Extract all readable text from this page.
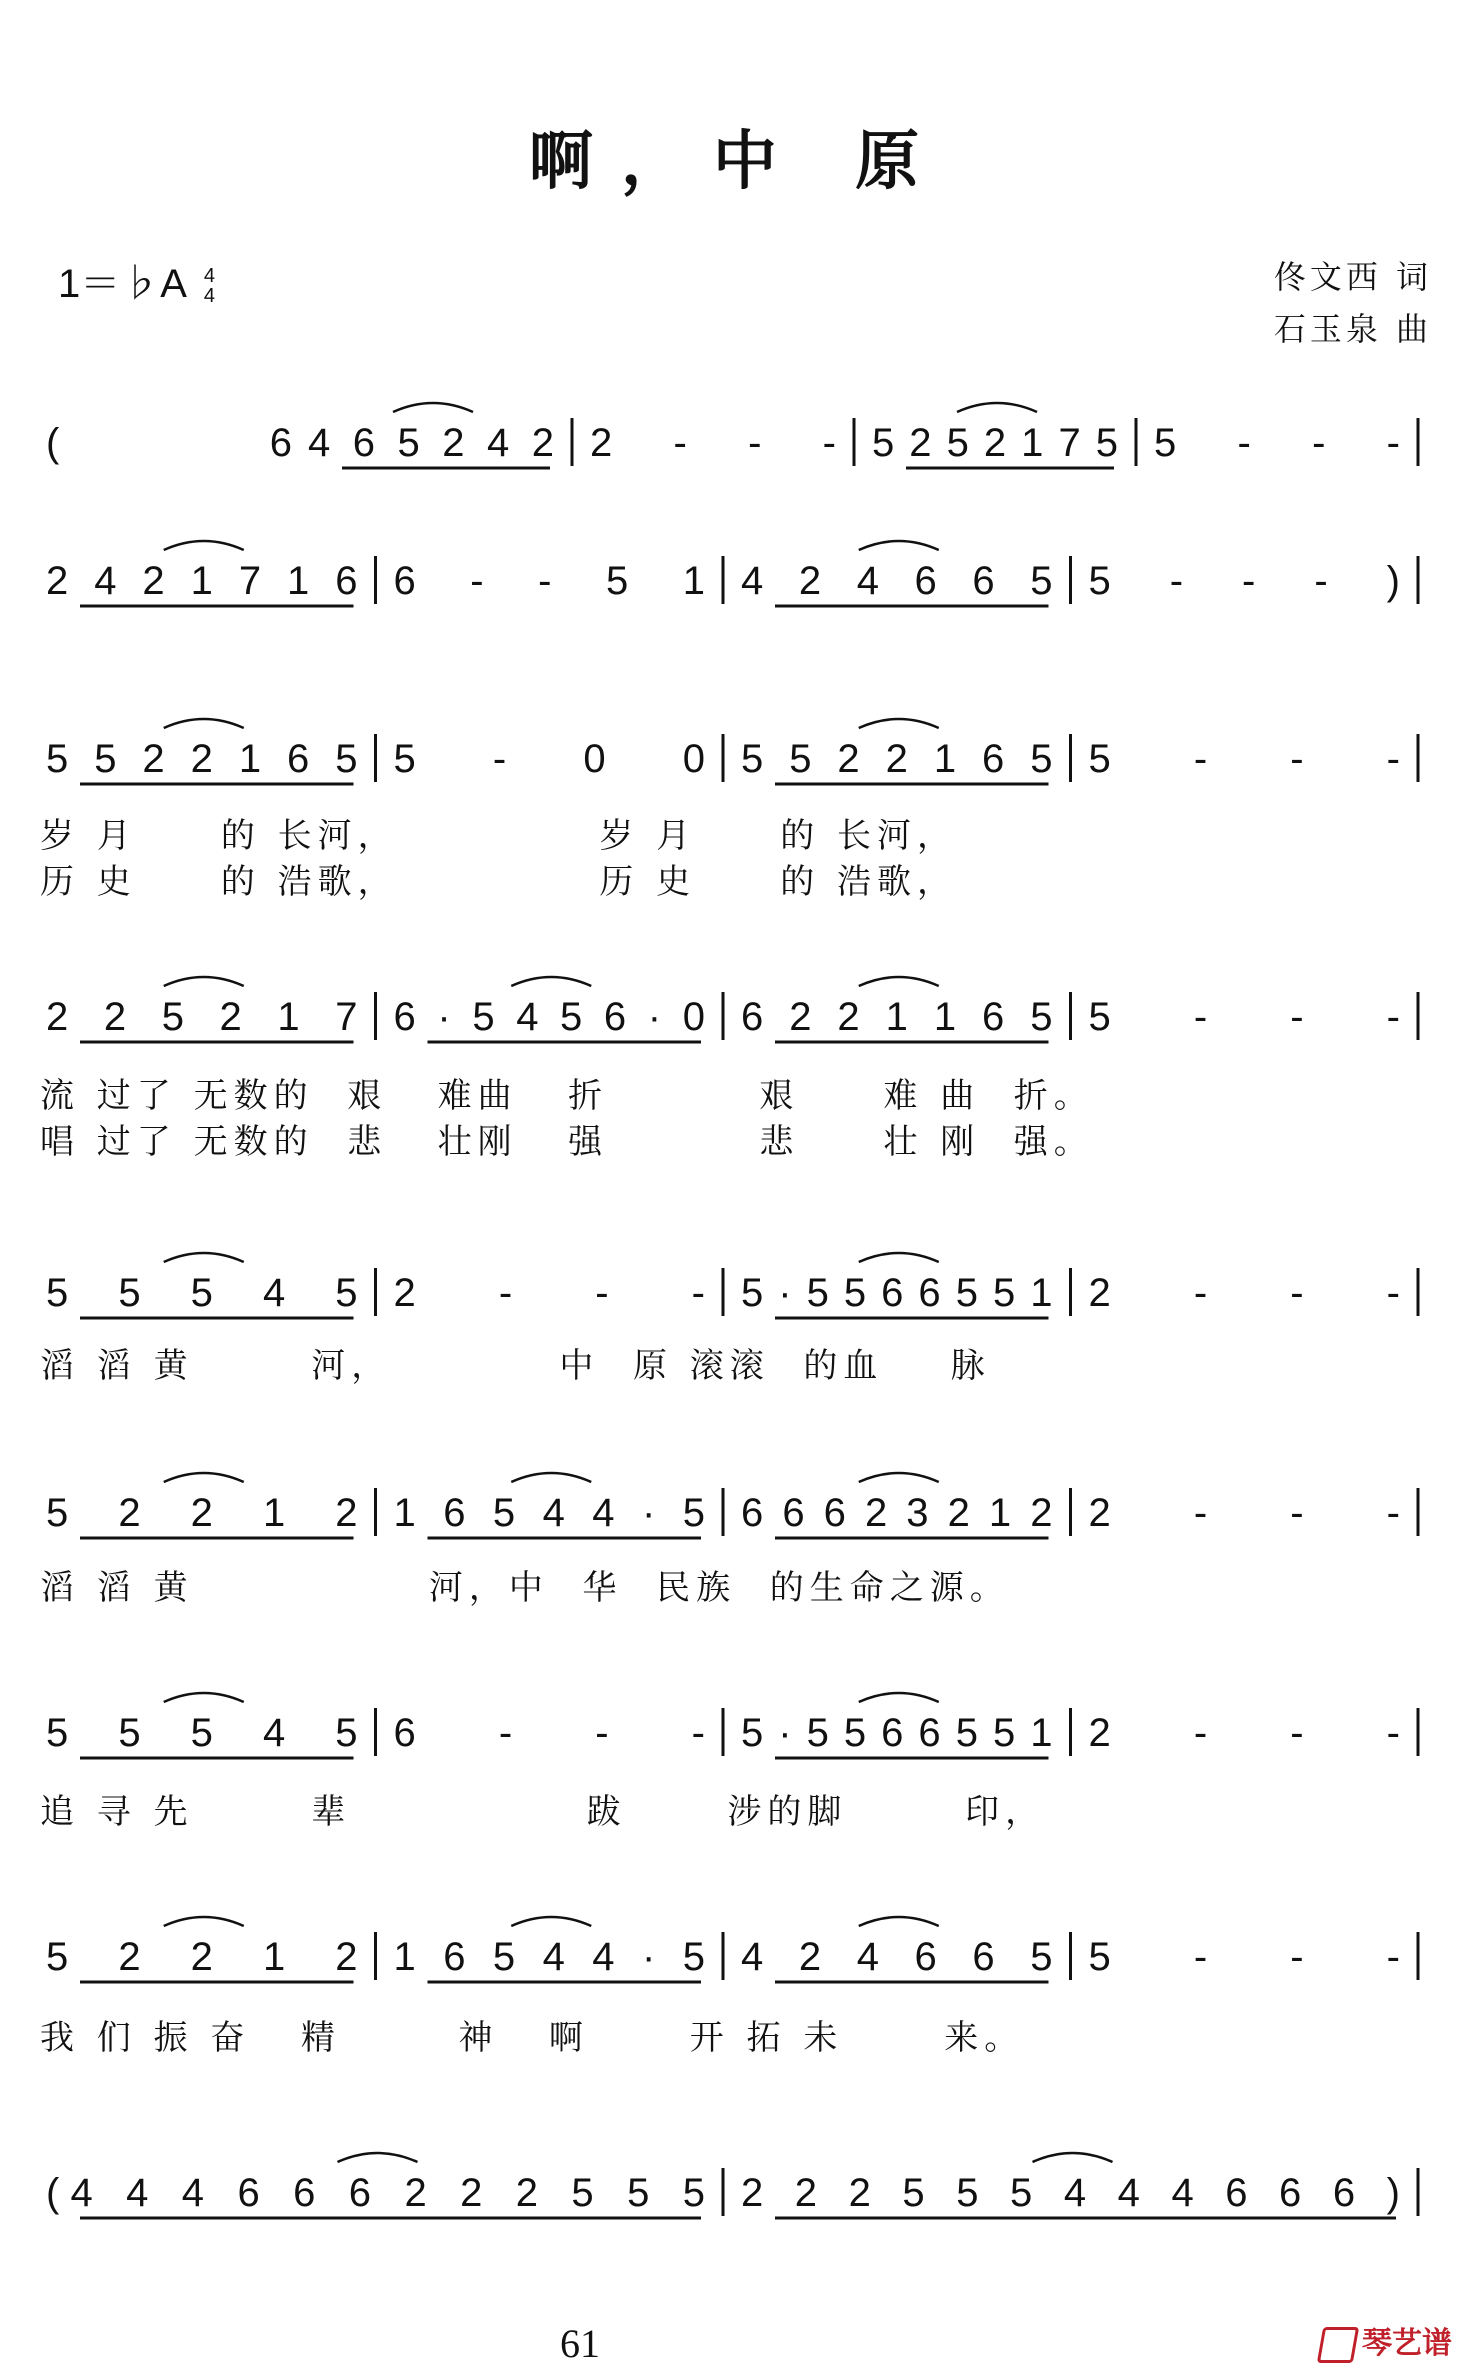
啊，中 原
1＝♭A 4
4
佟文西 词
石玉泉 曲
(6 4 6 5 2 4 2 2 - - - 5 2 5 2 1 7 5 5 - - -
2 4 2 1 7 1 6 6 - - 5 1 4 2 4 6 6 5 5 - - - )
5 5 2 2 1 6 5 5 - 0 0 5 5 2 2 1 6 5 5 - - -
岁 月     的 长河，            岁 月     的 长河，
历 史     的 浩歌，            历 史     的 浩歌，
2 2 5 2 1 7 6 · 5 4 5 6 · 0 6 2 2 1 1 6 5 5 - - -
流 过了 无数的  艰   难曲   折         艰     难 曲  折。
唱 过了 无数的  悲   壮刚   强         悲     壮 刚  强。
5 5 5 4 5 2 - - - 5 · 5 5 6 6 5 5 1 2 - - -
滔 滔 黄       河，          中  原 滚滚  的血    脉
5 2 2 1 2 1 6 5 4 4 · 5 6 6 6 2 3 2 1 2 2 - - -
滔 滔 黄              河，中  华  民族  的生命之源。
5 5 5 4 5 6 - - - 5 · 5 5 6 6 5 5 1 2 - - -
追 寻 先       辈              跋      涉的脚       印，
5 2 2 1 2 1 6 5 4 4 · 5 4 2 4 6 6 5 5 - - -
我 们 振 奋   精       神   啊      开 拓 未      来。
(4 4 4 6 6 6 2 2 2 5 5 5 2 2 2 5 5 5 4 4 4 6 6 6 )
61	琴艺谱
